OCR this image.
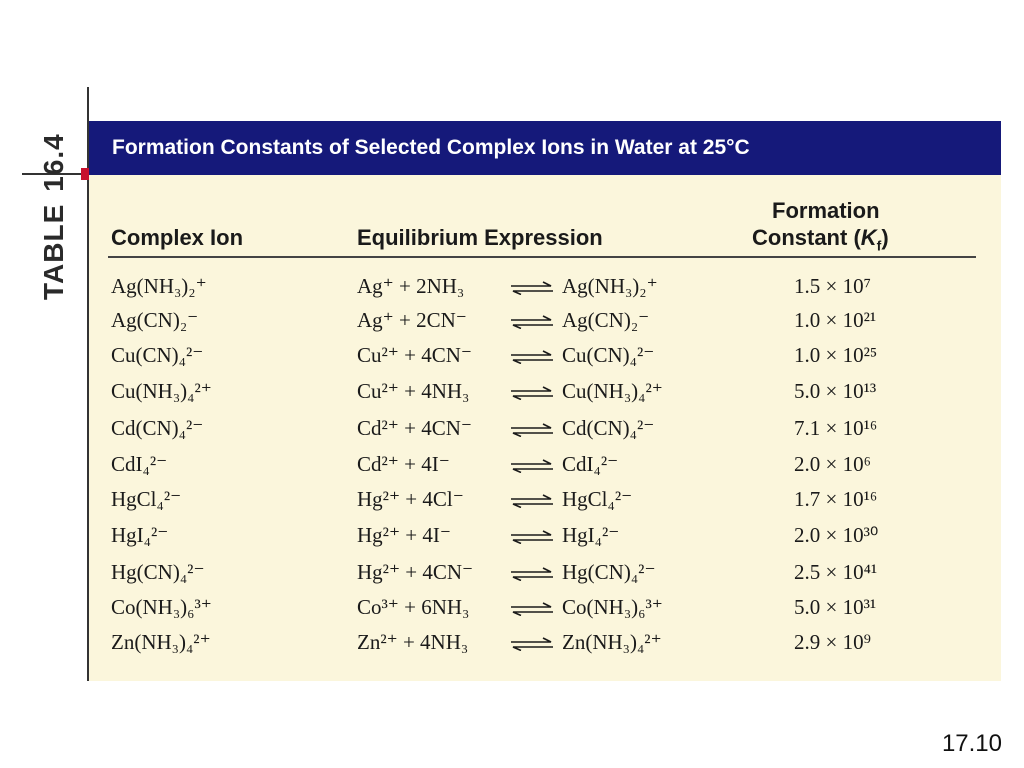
TABLE16.4 Formation Constants of Selected Complex Ions in Water at 25°C
Complex Ion	Equilibrium Expression
Formation
Constant $(K_f)$
Ag(NH₃)₂⁺	Ag⁺ + 2NH₃ ⇌ Ag(NH₃)₂⁺	1.5 × 10⁷
Ag(CN)₂⁻	Ag⁺ + 2CN⁻ ⇌ Ag(CN)₂⁻	1.0 × 10²¹
Cu(CN)₄²⁻	Cu²⁺ + 4CN⁻ ⇌ Cu(CN)₄²⁻	1.0 × 10²⁵
Cu(NH₃)₄²⁺	Cu²⁺ + 4NH₃ ⇌ Cu(NH₃)₄²⁺	5.0 × 10¹³
Cd(CN)₄²⁻	Cd²⁺ + 4CN⁻ ⇌ Cd(CN)₄²⁻	7.1 × 10¹⁶
CdI₄²⁻	Cd²⁺ + 4I⁻	⇌ CdI₄²⁻	2.0 × 10⁶
HgCl₄²⁻	Hg²⁺ + 4Cl⁻ ⇌ HgCl₄²⁻	1.7 × 10¹⁶
HgI₄²⁻	Hg²⁺ + 4I⁻	⇌ HgI₄²⁻	2.0 × 10³⁰
Hg(CN)₄²⁻	Hg²⁺ + 4CN⁻ ⇌ Hg(CN)₄²⁻	2.5 × 10⁴¹
Co(NH₃)₆³⁺	Co³⁺ + 6NH₃ ⇌ Co(NH₃)₆³⁺	5.0 × 10³¹
Zn(NH₃)₄²⁺	Zn²⁺ + 4NH₃ ⇌ Zn(NH₃)₄²⁺	2.9 × 10⁹
17.10
